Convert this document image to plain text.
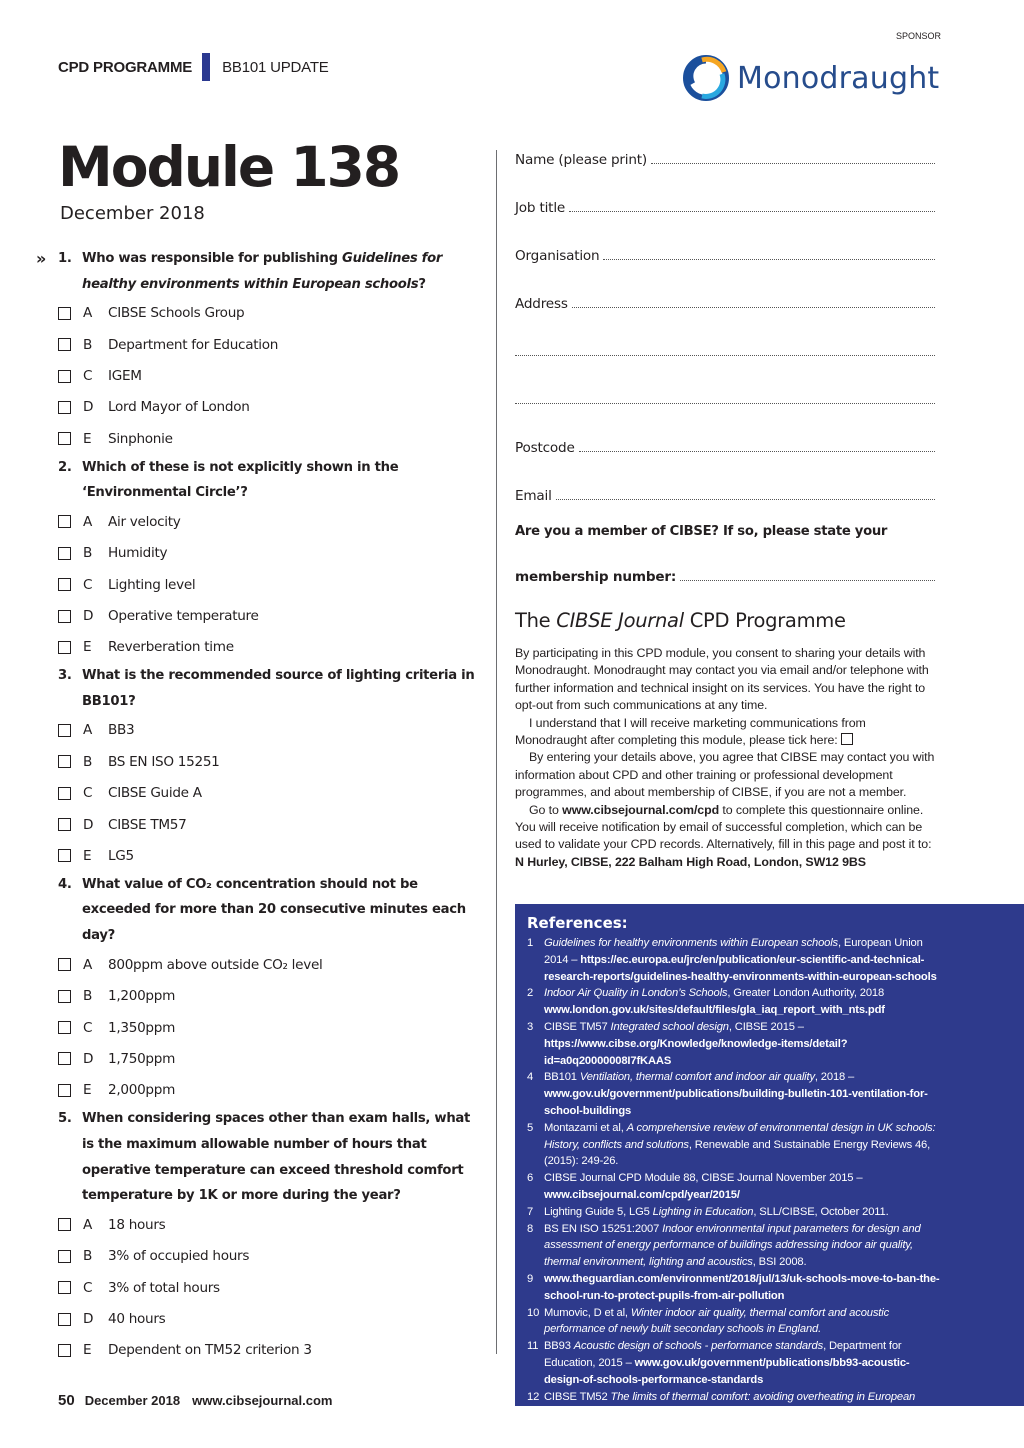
CPD PROGRAMME BB101 UPDATE
SPONSOR
Monodraught
Module 138
December 2018
» 1. Who was responsible for publishing Guidelines for healthy environments within European schools?
A	CIBSE Schools Group
B	Department for Education
C	IGEM
D	Lord Mayor of London
E	Sinphonie
2. Which of these is not explicitly shown in the ‘Environmental Circle’?
A	Air velocity
B	Humidity
C	Lighting level
D	Operative temperature
E	Reverberation time
3. What is the recommended source of lighting criteria in BB101?
A	BB3
B	BS EN ISO 15251
C	CIBSE Guide A
D	CIBSE TM57
E	LG5
4. What value of CO₂ concentration should not be exceeded for more than 20 consecutive minutes each day?
A	800ppm above outside CO₂ level
B	1,200ppm
C	1,350ppm
D	1,750ppm
E	2,000ppm
5. When considering spaces other than exam halls, what is the maximum allowable number of hours that operative temperature can exceed threshold comfort temperature by 1K or more during the year?
A	18 hours
B	3% of occupied hours
C	3% of total hours
D	40 hours
E	Dependent on TM52 criterion 3
Name (please print)
Job title
Organisation
Address
Postcode
Email
Are you a member of CIBSE? If so, please state your
membership number:
The CIBSE Journal CPD Programme

By participating in this CPD module, you consent to sharing your details with Monodraught. Monodraught may contact you via email and/or telephone with further information and technical insight on its services. You have the right to opt-out from such communications at any time.

I understand that I will receive marketing communications from Monodraught after completing this module, please tick here:

By entering your details above, you agree that CIBSE may contact you with information about CPD and other training or professional development programmes, and about membership of CIBSE, if you are not a member.

Go to www.cibsejournal.com/cpd to complete this questionnaire online. You will receive notification by email of successful completion, which can be used to validate your CPD records. Alternatively, fill in this page and post it to: N Hurley, CIBSE, 222 Balham High Road, London, SW12 9BS

References:
1 Guidelines for healthy environments within European schools, European Union 2014 – https://ec.europa.eu/jrc/en/publication/eur-scientific-and-technical-research-reports/guidelines-healthy-environments-within-european-schools
2 Indoor Air Quality in London’s Schools, Greater London Authority, 2018 www.london.gov.uk/sites/default/files/gla_iaq_report_with_nts.pdf
3 CIBSE TM57 Integrated school design, CIBSE 2015 – https://www.cibse.org/Knowledge/knowledge-items/detail?id=a0q20000008I7fKAAS
4 BB101 Ventilation, thermal comfort and indoor air quality, 2018 –www.gov.uk/government/publications/building-bulletin-101-ventilation-for-school-buildings
5 Montazami et al, A comprehensive review of environmental design in UK schools: History, conflicts and solutions, Renewable and Sustainable Energy Reviews 46, (2015): 249-26.
6 CIBSE Journal CPD Module 88, CIBSE Journal November 2015 – www.cibsejournal.com/cpd/year/2015/
7 Lighting Guide 5, LG5 Lighting in Education, SLL/CIBSE, October 2011.
8 BS EN ISO 15251:2007 Indoor environmental input parameters for design and assessment of energy performance of buildings addressing indoor air quality, thermal environment, lighting and acoustics, BSI 2008.
9 www.theguardian.com/environment/2018/jul/13/uk-schools-move-to-ban-the-school-run-to-protect-pupils-from-air-pollution
10 Mumovic, D et al, Winter indoor air quality, thermal comfort and acoustic performance of newly built secondary schools in England.
11 BB93 Acoustic design of schools - performance standards, Department for Education, 2015 – www.gov.uk/government/publications/bb93-acoustic-design-of-schools-performance-standards
12 CIBSE TM52 The limits of thermal comfort: avoiding overheating in European buildings, CIBSE 2013.
50 December 2018 www.cibsejournal.com
